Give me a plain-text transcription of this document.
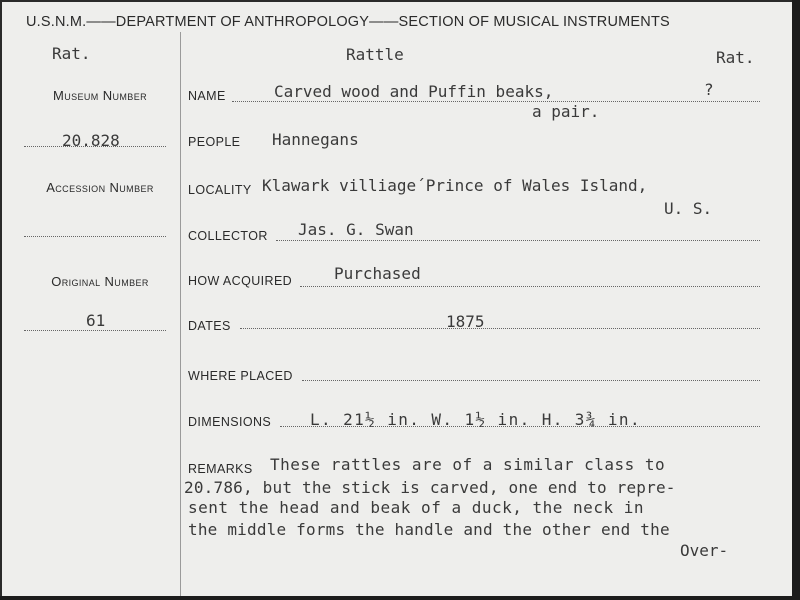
U.S.N.M.——DEPARTMENT OF ANTHROPOLOGY——SECTION OF MUSICAL INSTRUMENTS
Rat.	Rattle	Rat.
Museum Number
20.828
Accession Number
Original Number
61
NAME	Carved wood and Puffin beaks,	?
a pair.
PEOPLE Hannegans
LOCALITY Klawark villiage´Prince of Wales Island,
U. S.
COLLECTOR Jas. G. Swan
HOW ACQUIRED	Purchased
DATES	1875
WHERE PLACED
DIMENSIONS L. 21½ in. W. 1½ in. H. 3¾ in.
REMARKS These rattles are of a similar class to
20.786, but the stick is carved, one end to repre-
sent the head and beak of a duck, the neck in
the middle forms the handle and the other end the
Over-
